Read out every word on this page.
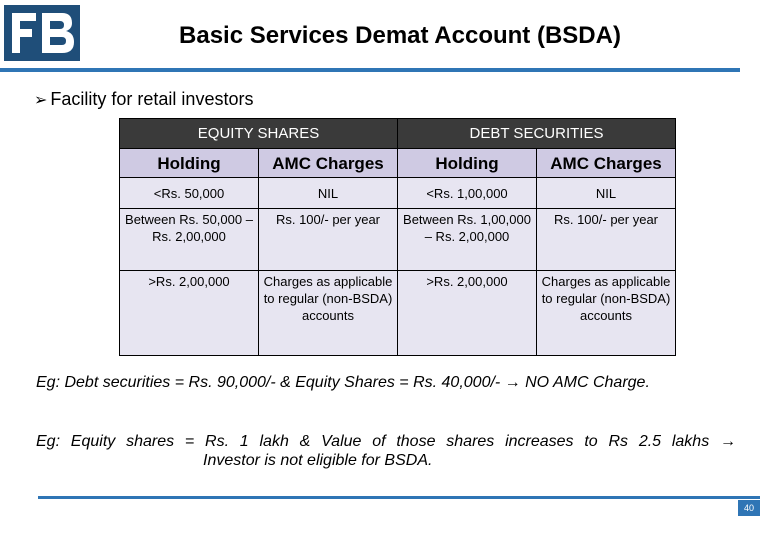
Basic Services Demat Account (BSDA)
➢ Facility for retail investors
EQUITY SHARES		DEBT SECURITIES	
Holding	AMC Charges	Holding	AMC Charges
<Rs. 50,000	NIL	<Rs. 1,00,000	NIL
Between Rs. 50,000 – Rs. 2,00,000	Rs. 100/- per year	Between Rs. 1,00,000 – Rs. 2,00,000	Rs. 100/- per year
>Rs. 2,00,000	Charges as applicable to regular (non-BSDA) accounts	>Rs. 2,00,000	Charges as applicable to regular (non-BSDA) accounts
Eg: Debt securities = Rs. 90,000/- & Equity Shares = Rs. 40,000/- → NO AMC Charge.
Eg: Equity shares = Rs. 1 lakh & Value of those shares increases to Rs 2.5 lakhs →
Investor is not eligible for BSDA.
40
